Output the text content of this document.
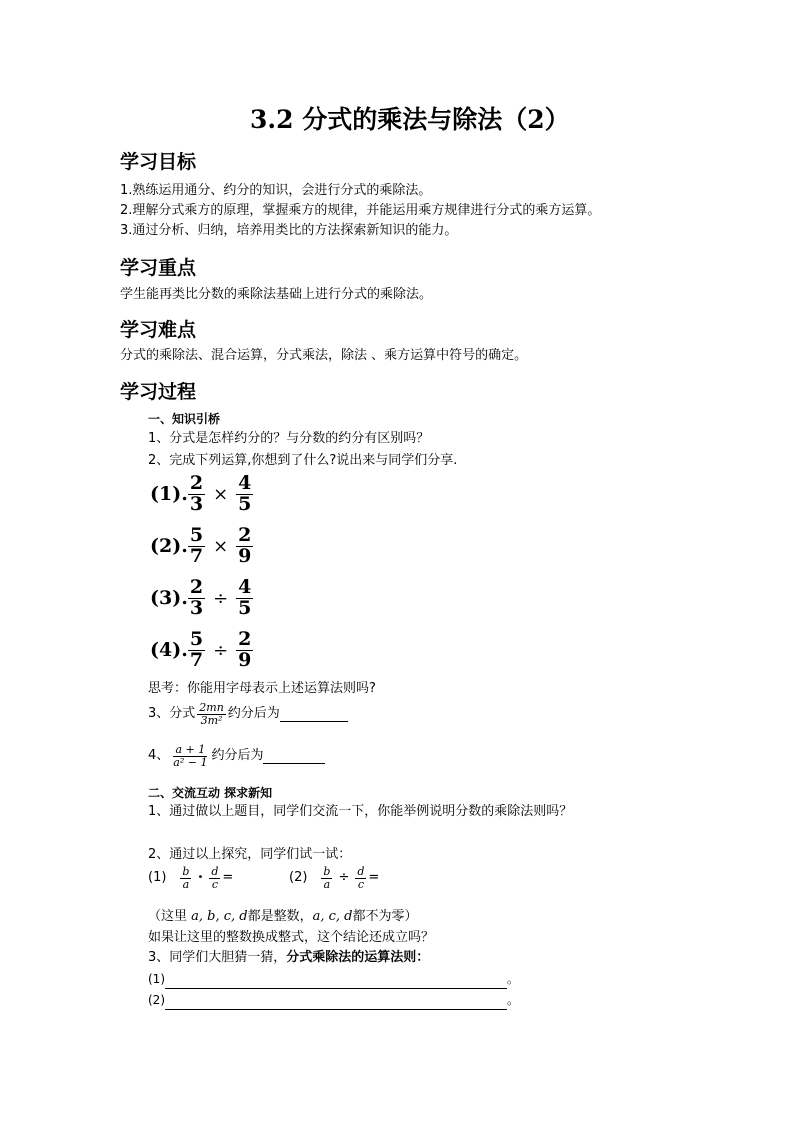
3.2 分式的乘法与除法（2）
学习目标
1.熟练运用通分、约分的知识，会进行分式的乘除法。
2.理解分式乘方的原理，掌握乘方的规律，并能运用乘方规律进行分式的乘方运算。
3.通过分析、归纳，培养用类比的方法探索新知识的能力。
学习重点
学生能再类比分数的乘除法基础上进行分式的乘除法。
学习难点
分式的乘除法、混合运算，分式乘法，除法 、乘方运算中符号的确定。
学习过程
一、知识引桥
1、分式是怎样约分的？与分数的约分有区别吗？
2、完成下列运算,你想到了什么?说出来与同学们分享.
(1). $\frac{2}{3} \times \frac{4}{5}$
(2). $\frac{5}{7} \times \frac{2}{9}$
(3). $\frac{2}{3} \div \frac{4}{5}$
(4). $\frac{5}{7} \div \frac{2}{9}$
思考：你能用字母表示上述运算法则吗?
3、分式 $\frac{2mn}{\text{3m²}}$ 约分后为
4、 $\frac{a + 1}{\text{a² − 1}}$ 约分后为
二、交流互动 探求新知
1、通过做以上题目，同学们交流一下，你能举例说明分数的乘除法则吗？
2、通过以上探究，同学们试一试：
$(1) \frac{b}{a}$ • $\frac{d}{c}$ =	$(2) \frac{b}{a} \div \frac{d}{c}$ =
（这里 a, b, c, d都是整数，a, c, d都不为零）
如果让这里的整数换成整式，这个结论还成立吗？
3、同学们大胆猜一猜，分式乘除法的运算法则：
(1)	。
(2)	。
